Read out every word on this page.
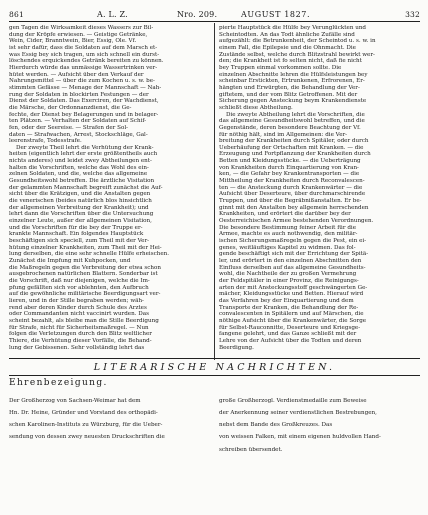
861	A. L. Z.	Nro. 209.	AUGUST 1827.	332

gen Tagen die Wirksamkeit dieses Wassers zur Bil-

dung der Kröpfe erwiesen. — Geistige Getränke,

Wein, Cider, Branntwein, Bier, Essig, Öle. Vf.

ist sehr dafür, dass die Soldaten auf dem Marsch et-

was Essig bey sich tragen, um sich schnell ein durst-

löschendes erquickendes Getränk bereiten zu können.

Hierdurch würde das unmässige Wassertrinken ver-

hütet werden. — Aufsicht über den Verkauf der

Nahrungsmittel — über die zum Kochen u. s. w. be-

stimmten Gefässe — Menage der Mannschaft — Nah-

rung der Soldaten in blockirten Festungen — der

Dienst der Soldaten. Das Exerciren, der Wachdienst,

die Märsche, der Ordonnanzdienst, die Ge-

fechte, der Dienst bey Belagerungen und in belager-

ten Plätzen. — Verhalten der Soldaten auf Schif-

fen, oder der Seereise. — Strafen der Sol-

daten — Strafwachen, Arrest, Stockschläge, Gal-

leerenstrafe, Todesstrafe.

Der zweyte Theil lehrt die Verhütung der Krank-

heiten (eigentlich lehrt der erste größtentheils auch

nichts anderes) und leidet zwey Abtheilungen ent-

halten die Vorschriften, welche das Wohl des ein-

zelnen Soldaten, und die, welche das allgemeine

Gesundheitswohl betreffen. Die ärztliche Visitation

der gelammten Mannschaft begreift zunächst die Auf-

sicht über die Krätzigen, und die Anstalten gegen

die venerischen (beides natürlich blos hinsichtlich

der allgemeinen Verbreitung der Krankheit); und

lehrt dann die Vorschriften über die Untersuchung

einzelner Leute, außer der allgemeinen Visitation,

und die Vorschriften für die bey der Truppe er-

krankte Mannschaft. Ein folgendes Hauptstück

beschäftigen sich speciell, zum Theil mit der Ver-

hütung einzelner Krankheiten, zum Theil mit der Hei-

lung derselben, die eine sehr schnelle Hülfe erheischen.

Zunächst die Impfung mit Kuhpocken, und

die Maßregeln gegen die Verbreitung der etwa schon

ausgebrochenen natürlichen Blattern. Sonderbar ist

die Vorschrift, daß nur diejenigen, welche die Im-

pfung gefällten sich vor ablehnten, den Aufbruch

auf die gewöhnliche militärische Beerdigungsart ver-

lieren, und in der Stille begraben werden; wäh-

rend aber deren Kinder durch Schule des Arztes

oder Commandanten nicht vaccinirt wurden. Das

scheint bezahlt, als bleibe man die Stille Beerdigung

für Strafe, nicht für Sicherheitsmaßregel. — Nun

folgen die Verletzungen durch den Blitz weltlicher

Thiere, die Verhütung dieser Vorfälle, die Behand-

lung der Gebissenen. Sehr vollständig lehrt das

pierte Hauptstück die Hülfe bey Verunglückten und

Scheintodten. An das Todt ähnliche Zufälle sind

aufgezählt: die Betrunkenheit, der Scheintod u. s. w. in

einem Fall, die Epilepsie und die Ohnmacht. Die

Zustände selbst, welche durch Blitzstrahl bewirkt wer-

den; die Krankheit ist fo selten nicht, daß fie nicht

bey Truppen einmal vorkommen sollte. Die

einzelnen Abschnitte lehren die Hülfsleistungen bey

scheinbar Erstickten, Ertrunkenen, Erfrorenen, Er-

hängten und Erwürgten, die Behandlung der Ver-

giftetem, und der vom Blitz Getroffenen. Mit der

Sicherung gegen Ansteckung beym Krankendienste

schließt diese Abtheilung.

Die zweyte Abtheilung lehrt die Vorschriften, die

das allgemeine Gesundheitswohl betreffen, und die

Gegenstände, deren besondere Beachtung der Vf.

für nöthig hält, sind im Allgemeinen: die Ver-

breitung der Krankheiten durch Spitäler, oder durch

Ueberhäufung der Ortschaften mit Kranken. — die

Erzeugung und Fortpflanzung der Krankheiten durch

Betten und Kleidungsstücke. — die Ueberträgung

von Krankheiten durch Einquartierung von Kran-

ken, — die Gefahr bey Krankentransporten — die

Mittheilung der Krankheiten durch Reconvalescen-

ten — die Ansteckung durch Krankenwärter — die

Aufsicht über Deserteure, über durchmarschirende

Truppen, und über die Begräbnißanstalten. Er be-

ginnt mit den Anstalten bey allgemein herrschenden

Krankheiten, und erörtert die darüber bey der

Oesterreichischen Armee bestehenden Verordnungen.

Die besondere Bestimmung feiner Arbeit für die

Armee, machte es auch nothwendig, den militär-

ischen Sicherungsmaßregeln gegen die Pest, ein ei-

genes, weitläuftiges Kapitel zu widmen. Das fol-

gende beschäftigt sich mit der Errichtung der Spitä-

ler, und erörtert in den einzelnen Abschnitten den

Einfluss derselben auf das allgemeine Gesundheits-

wohl, die Nachtheile der zu großen Vermehrung

der Feldspitäler in einer Provinz, die Reinigungs-

arten der mit Ansteckungsstoff geschwängerten Ge-

mächer, Kleidungsstücke und Betten. Hierauf wird

das Verfahren bey der Einquartierung und dem

Transporte der Kranken, die Behandlung der Re-

convalescenten in Spitälern und auf Märschen, die

nöthige Aufsicht über die Krankenwärter, die Sorge

für Selbst-Rauconnitte, Deserteure und Kriegsge-

fangene gelehrt, und das Ganze schließt mit der

Lehre von der Aufsicht über die Todten und deren

Beerdigung.

LITERARISCHE NACHRICHTEN.
Ehrenbezeigung.

Der Großherzog von Sachsen-Weimar hat dem

Hn. Dr. Heine, Gründer und Vorstand des orthopädi-

schen Karolinen-Instituts zu Würzburg, für die Ueber-

sendung von dessen zwey neuesten Druckschriften die

große Großherzogl. Verdienstmedaille zum Beweise

der Anerkennung seiner verdienstlichen Bestrebungen,

nebst dem Bande des Großkreuzes. Das

von weissen Falken, mit einem eigenen huldvollen Hand-

schreiben übersendet.
